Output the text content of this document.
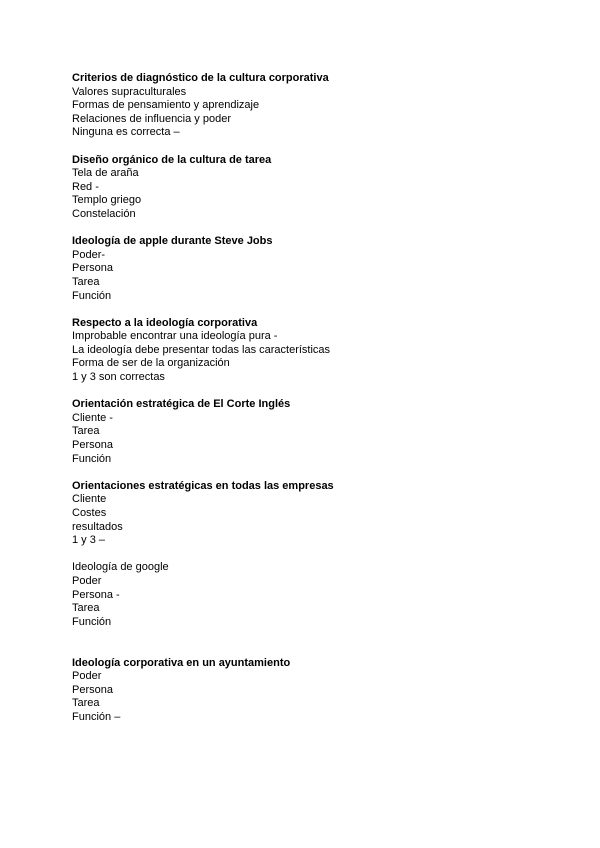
Criterios de diagnóstico de la cultura corporativa
Valores supraculturales
Formas de pensamiento y aprendizaje
Relaciones de influencia y poder
Ninguna es correcta –
Diseño orgánico de la cultura de tarea
Tela de araña
Red -
Templo griego
Constelación
Ideología de apple durante Steve Jobs
Poder-
Persona
Tarea
Función
Respecto a la ideología corporativa
Improbable encontrar una ideología pura -
La ideología debe presentar todas las características
Forma de ser de la organización
1 y 3 son correctas
Orientación estratégica de El Corte Inglés
Cliente -
Tarea
Persona
Función
Orientaciones estratégicas en todas las empresas
Cliente
Costes
resultados
1 y 3 –
Ideología de google
Poder
Persona -
Tarea
Función
Ideología corporativa en un ayuntamiento
Poder
Persona
Tarea
Función –
